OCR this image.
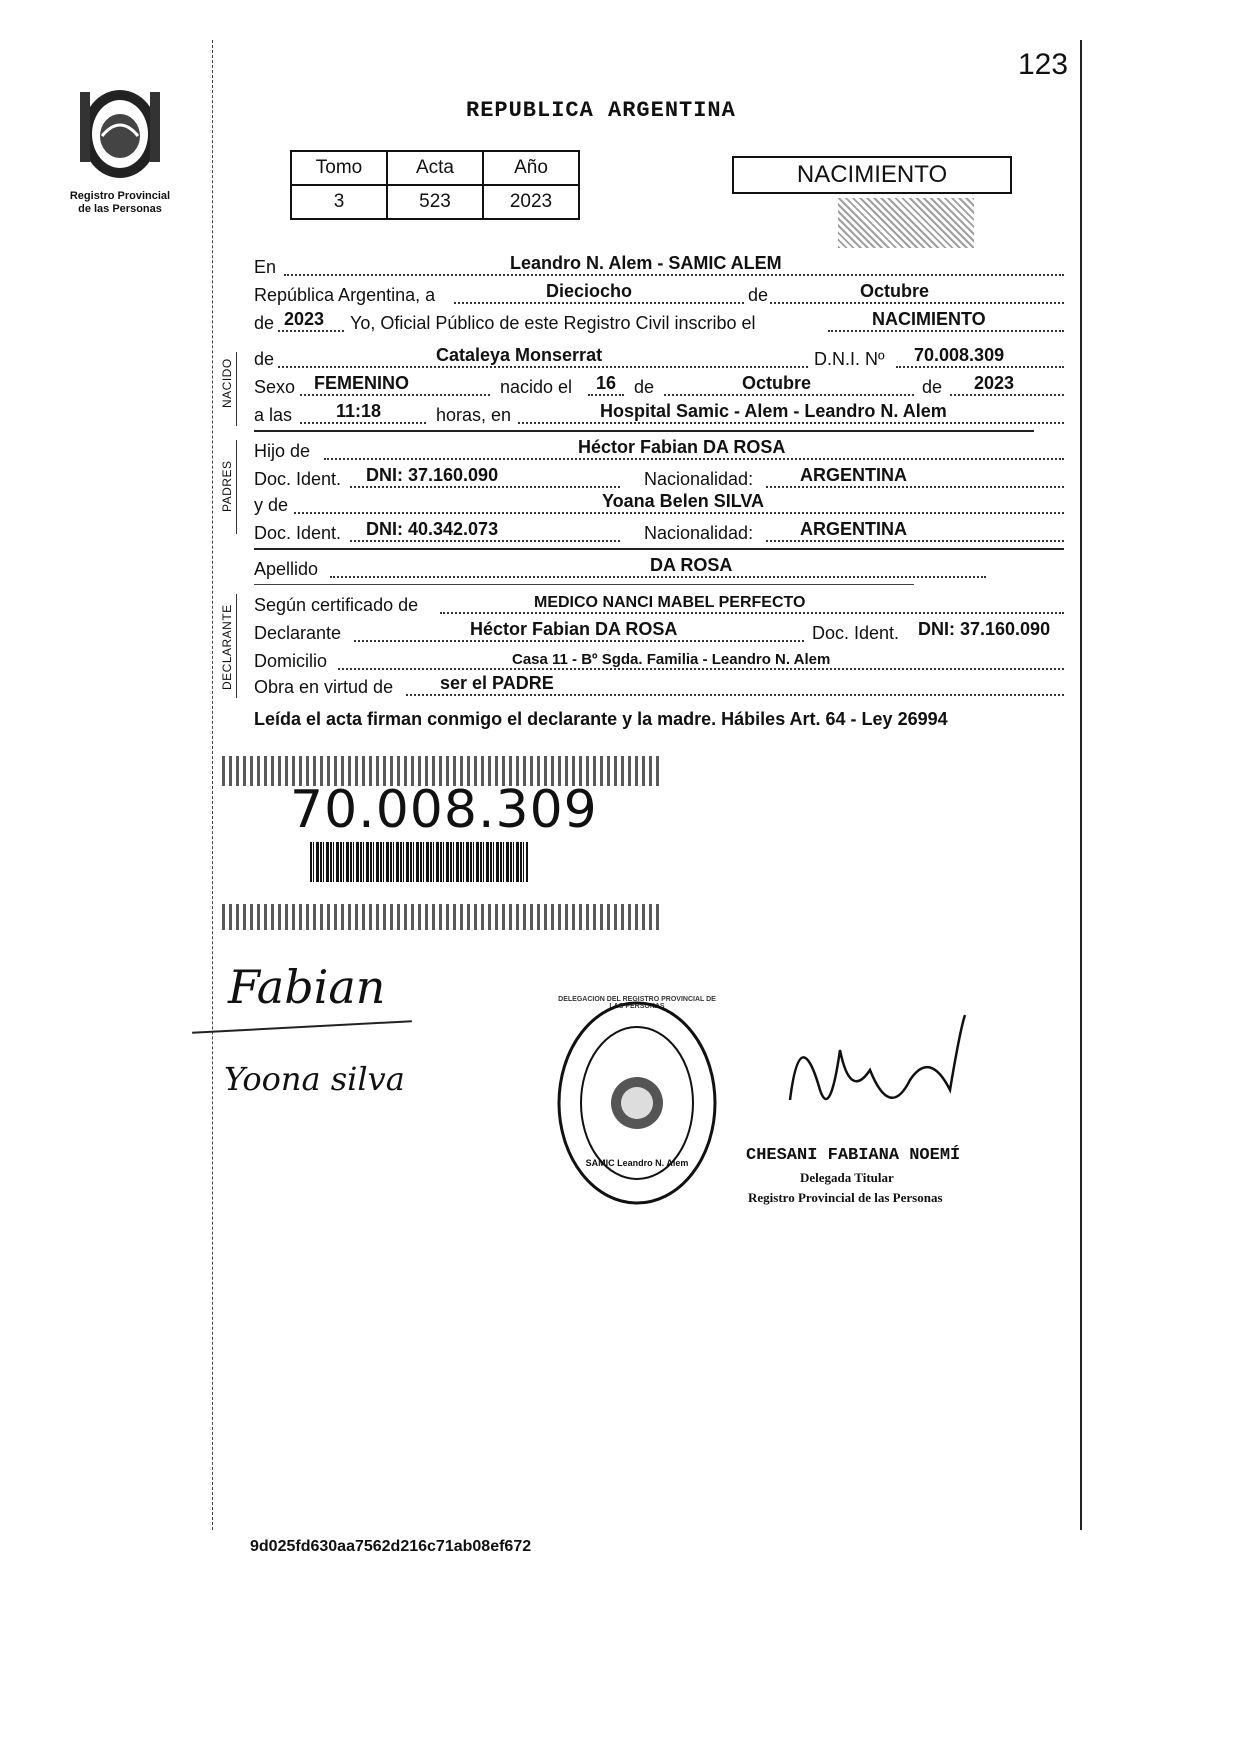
123
Registro Provincial
de las Personas
REPUBLICA ARGENTINA
Tomo	Acta	Año
3	523	2023
NACIMIENTO
En	Leandro N. Alem - SAMIC ALEM
República Argentina, a	Dieciocho	de	Octubre
de 2023 Yo, Oficial Público de este Registro Civil inscribo el	NACIMIENTO
NACIDO de	Cataleya Monserrat	D.N.I. Nº 70.008.309
Sexo FEMENINO	nacido el 16 de	Octubre	de 2023
a las 11:18	horas, en	Hospital Samic - Alem - Leandro N. Alem
PADRES
Hijo de	Héctor Fabian DA ROSA
Doc. Ident. DNI: 37.160.090	Nacionalidad:	ARGENTINA
y de	Yoana Belen SILVA
Doc. Ident. DNI: 40.342.073	Nacionalidad:	ARGENTINA
Apellido	DA ROSA
DECLARANTE Según certificado de	MEDICO NANCI MABEL PERFECTO
Declarante	Héctor Fabian DA ROSA	Doc. Ident. DNI: 37.160.090
Domicilio	Casa 11 - Bº Sgda. Familia - Leandro N. Alem
Obra en virtud de	ser el PADRE
Leída el acta firman conmigo el declarante y la madre. Hábiles Art. 64 - Ley 26994
70.008.309
Fabian
Yoona silva
DELEGACION DEL REGISTRO PROVINCIAL DE LAS PERSONAS
SAMIC Leandro N. Alem	CHESANI FABIANA NOEMÍ
Delegada Titular
Registro Provincial de las Personas
9d025fd630aa7562d216c71ab08ef672
